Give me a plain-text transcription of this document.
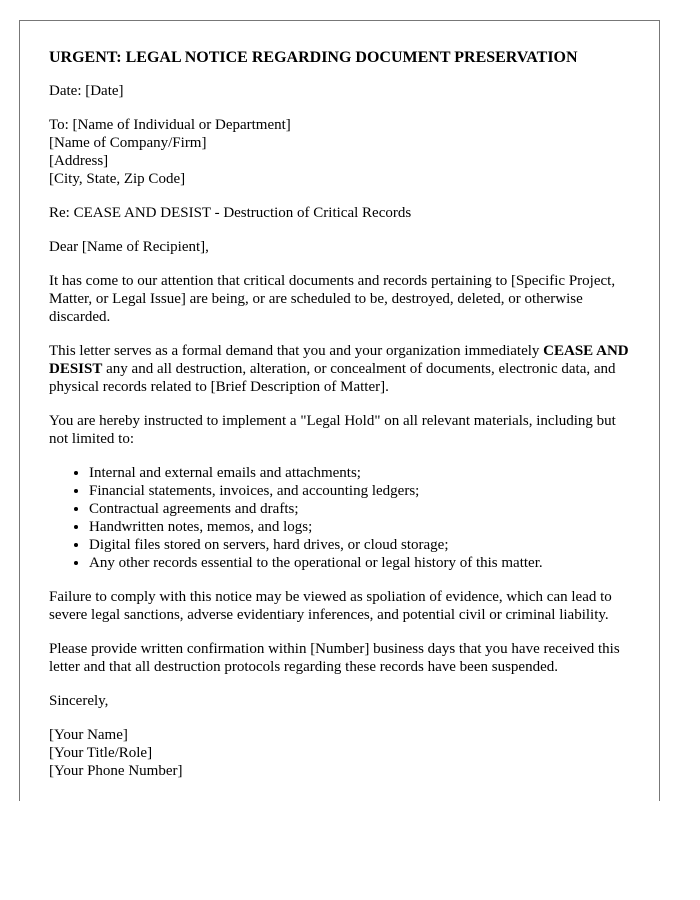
URGENT: LEGAL NOTICE REGARDING DOCUMENT PRESERVATION

Date: [Date]

To: [Name of Individual or Department]
[Name of Company/Firm]
[Address]
[City, State, Zip Code]

Re: CEASE AND DESIST - Destruction of Critical Records

Dear [Name of Recipient],

It has come to our attention that critical documents and records pertaining to [Specific Project, Matter, or Legal Issue] are being, or are scheduled to be, destroyed, deleted, or otherwise discarded.

This letter serves as a formal demand that you and your organization immediately CEASE AND DESIST any and all destruction, alteration, or concealment of documents, electronic data, and physical records related to [Brief Description of Matter].

You are hereby instructed to implement a "Legal Hold" on all relevant materials, including but not limited to:

• Internal and external emails and attachments;
• Financial statements, invoices, and accounting ledgers;
• Contractual agreements and drafts;
• Handwritten notes, memos, and logs;
• Digital files stored on servers, hard drives, or cloud storage;
• Any other records essential to the operational or legal history of this matter.

Failure to comply with this notice may be viewed as spoliation of evidence, which can lead to severe legal sanctions, adverse evidentiary inferences, and potential civil or criminal liability.

Please provide written confirmation within [Number] business days that you have received this letter and that all destruction protocols regarding these records have been suspended.

Sincerely,

[Your Name]
[Your Title/Role]
[Your Phone Number]
